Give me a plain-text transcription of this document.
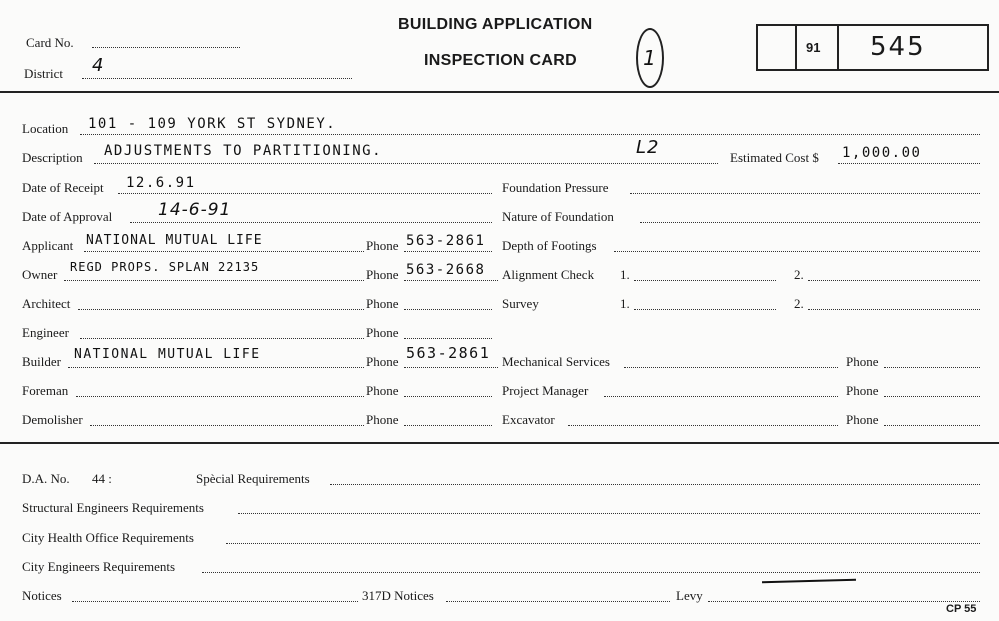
Card No.
District 4
BUILDING APPLICATION
INSPECTION CARD	1	91 545
Location 101 - 109 YORK ST SYDNEY.
Description ADJUSTMENTS TO PARTITIONING.	L2	Estimated Cost $ 1,000.00
Date of Receipt 12.6.91	Foundation Pressure
Date of Approval	14-6-91	Nature of Foundation
Applicant NATIONAL MUTUAL LIFE	Phone 563-2861 Depth of Footings
Owner REGD PROPS. SPLAN 22135	Phone 563-2668 Alignment Check 1.	2.
Architect	Phone	Survey	1.	2.
Engineer	Phone
Builder NATIONAL MUTUAL LIFE	Phone 563-2861 Mechanical Services	Phone
Foreman	Phone	Project Manager	Phone
Demolisher	Phone	Excavator	Phone
D.A. No. 44 :	Spècial Requirements
Structural Engineers Requirements
City Health Office Requirements
City Engineers Requirements
Notices	317D Notices	Levy
CP 55
